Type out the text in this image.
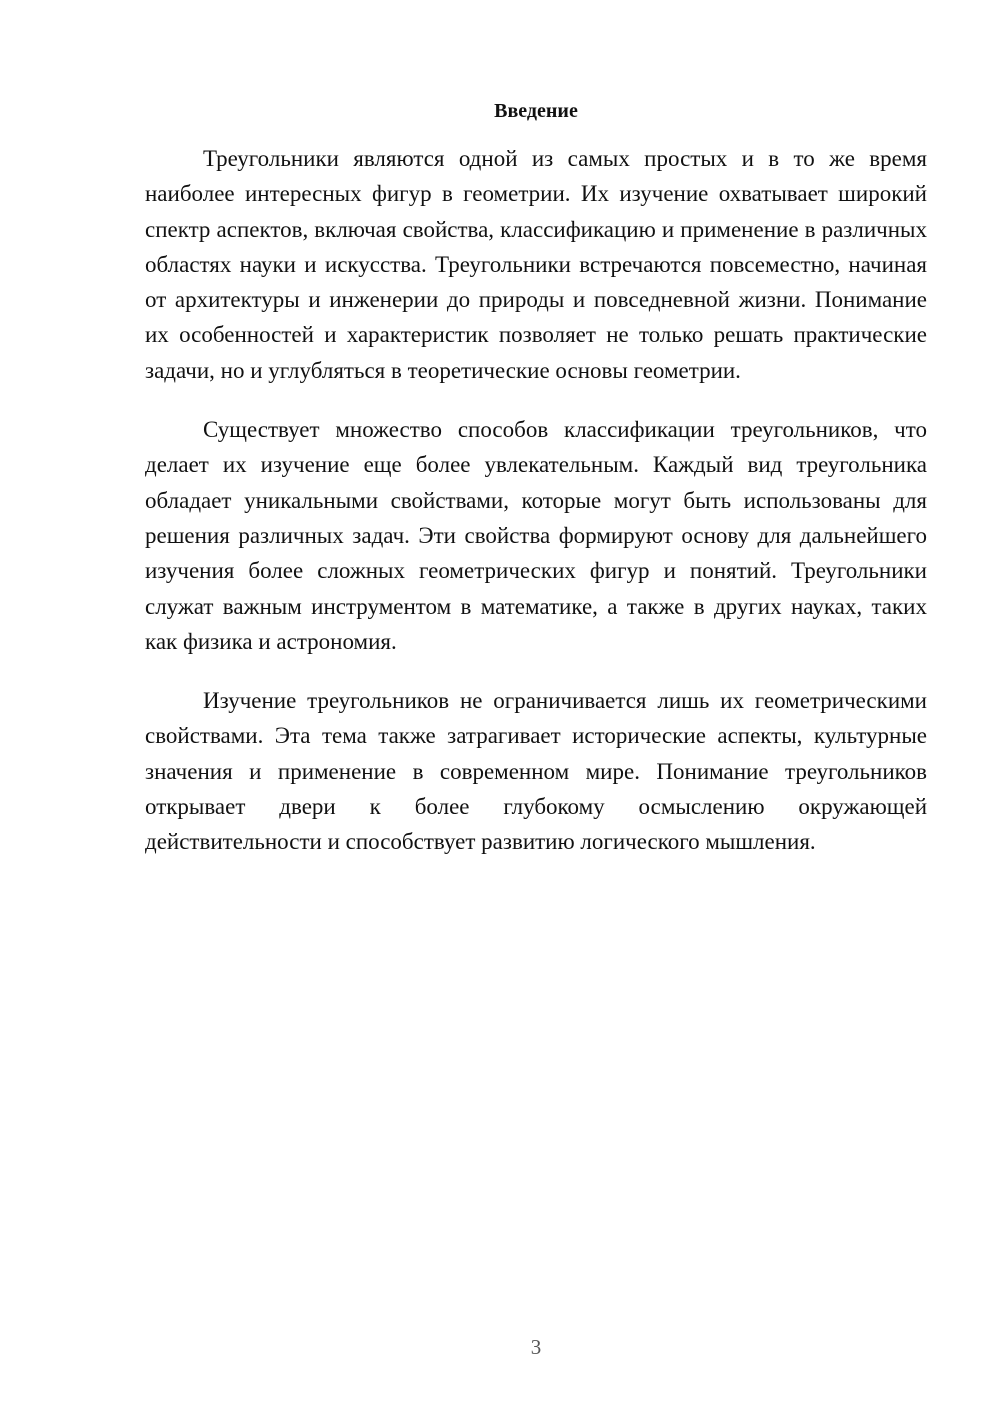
Введение

Треугольники являются одной из самых простых и в то же время наиболее интересных фигур в геометрии. Их изучение охватывает широкий спектр аспектов, включая свойства, классификацию и применение в различных областях науки и искусства. Треугольники встречаются повсеместно, начиная от архитектуры и инженерии до природы и повседневной жизни. Понимание их особенностей и характеристик позволяет не только решать практические задачи, но и углубляться в теоретические основы геометрии.

Существует множество способов классификации треугольников, что делает их изучение еще более увлекательным. Каждый вид треугольника обладает уникальными свойствами, которые могут быть использованы для решения различных задач. Эти свойства формируют основу для дальнейшего изучения более сложных геометрических фигур и понятий. Треугольники служат важным инструментом в математике, а также в других науках, таких как физика и астрономия.

Изучение треугольников не ограничивается лишь их геометрическими свойствами. Эта тема также затрагивает исторические аспекты, культурные значения и применение в современном мире. Понимание треугольников открывает двери к более глубокому осмыслению окружающей действительности и способствует развитию логического мышления.

3
